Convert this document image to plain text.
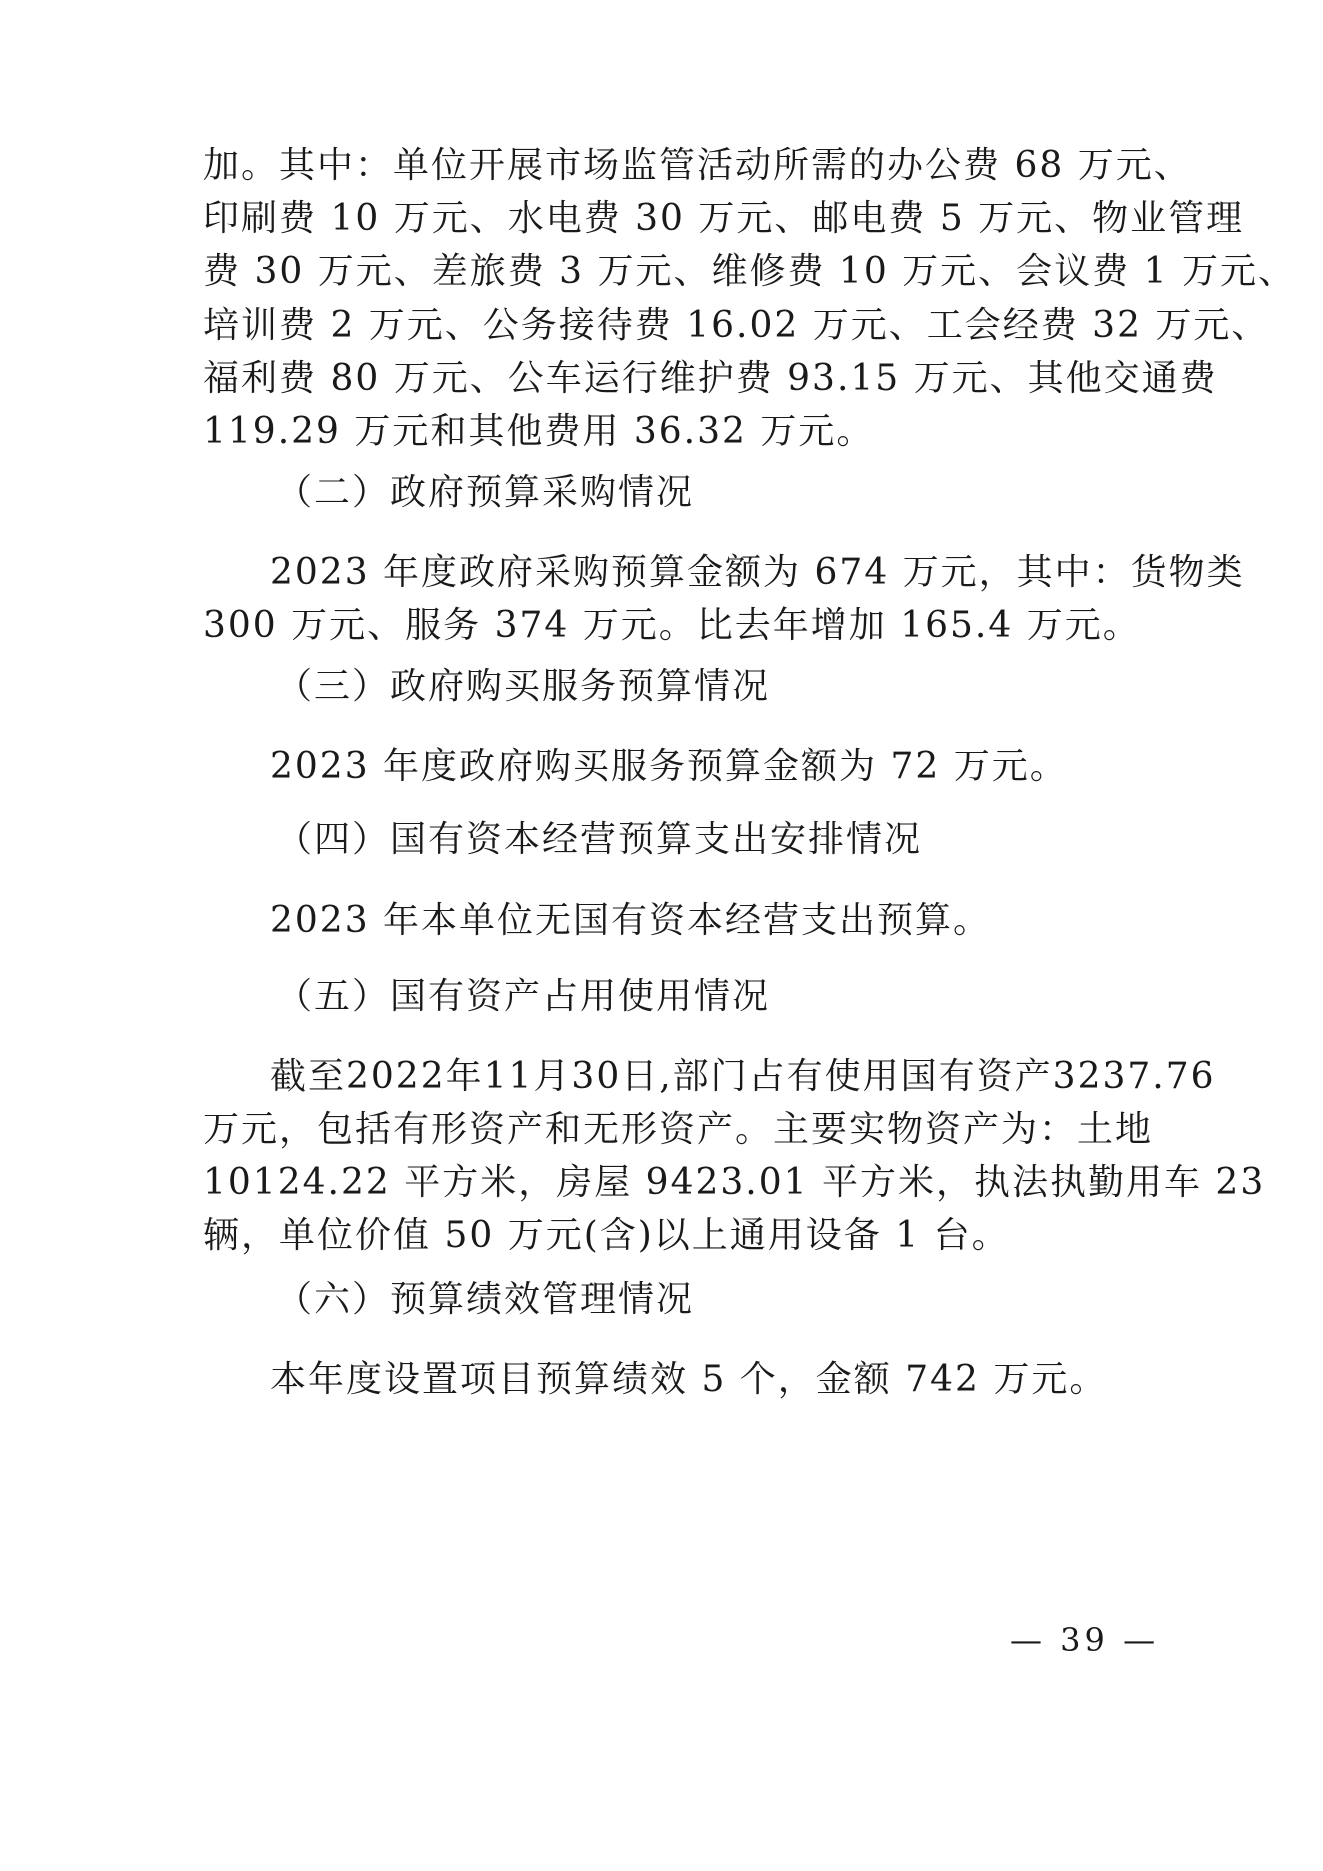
加。其中：单位开展市场监管活动所需的办公费 68 万元、
印刷费 10 万元、水电费 30 万元、邮电费 5 万元、物业管理
费 30 万元、差旅费 3 万元、维修费 10 万元、会议费 1 万元、
培训费 2 万元、公务接待费 16.02 万元、工会经费 32 万元、
福利费 80 万元、公车运行维护费 93.15 万元、其他交通费
119.29 万元和其他费用 36.32 万元。
（二）政府预算采购情况
2023 年度政府采购预算金额为 674 万元，其中：货物类
300 万元、服务 374 万元。比去年增加 165.4 万元。
（三）政府购买服务预算情况
2023 年度政府购买服务预算金额为 72 万元。
（四）国有资本经营预算支出安排情况
2023 年本单位无国有资本经营支出预算。
（五）国有资产占用使用情况
截至2022年11月30日,部门占有使用国有资产3237.76
万元，包括有形资产和无形资产。主要实物资产为：土地
10124.22 平方米，房屋 9423.01 平方米，执法执勤用车 23
辆，单位价值 50 万元(含)以上通用设备 1 台。
（六）预算绩效管理情况
本年度设置项目预算绩效 5 个，金额 742 万元。
— 39 —
